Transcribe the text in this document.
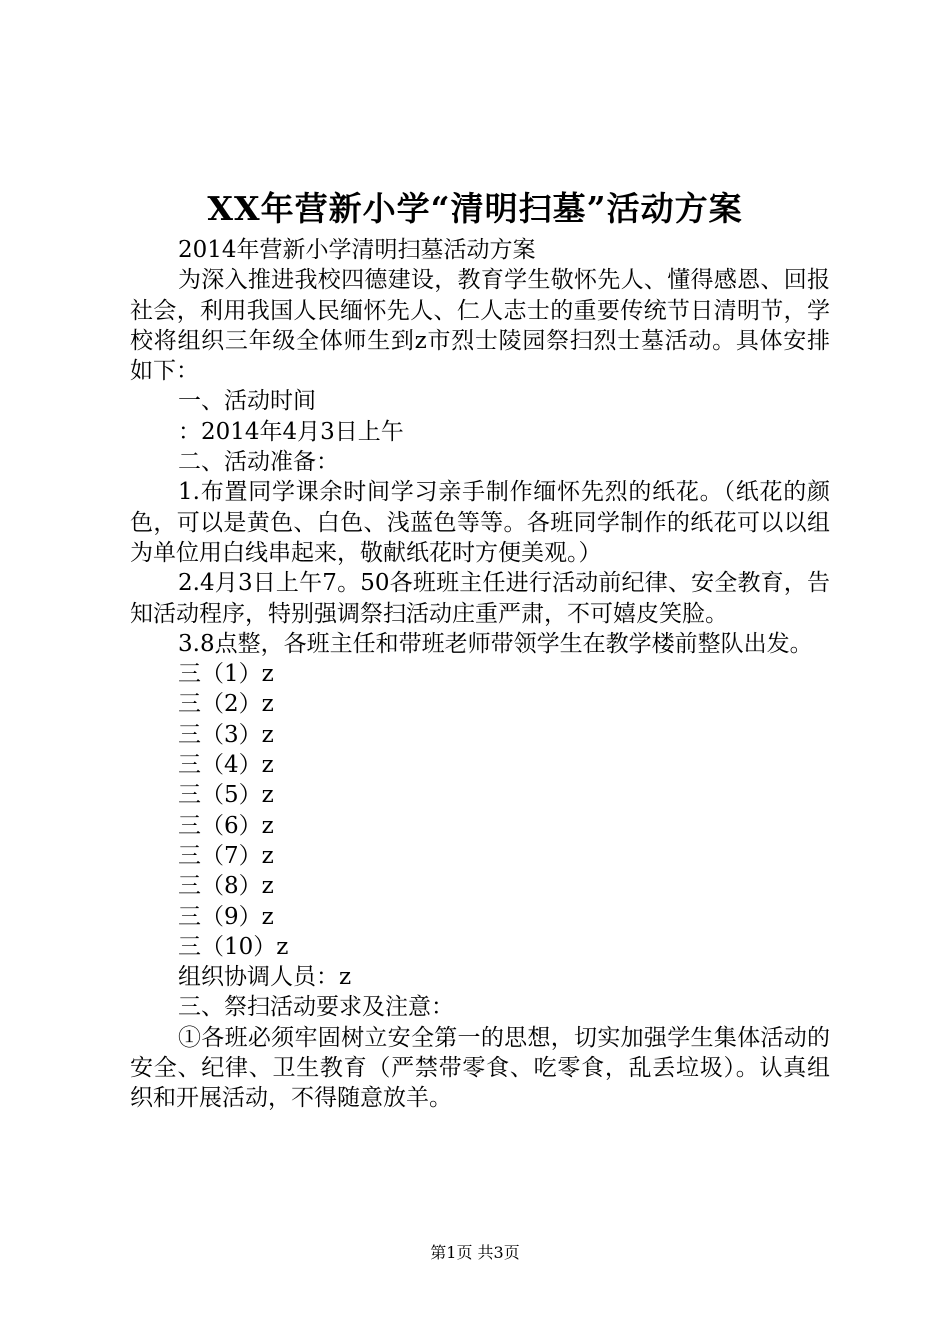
XX年营新小学“清明扫墓”活动方案

2014年营新小学清明扫墓活动方案

为深入推进我校四德建设，教育学生敬怀先人、懂得感恩、回报社会，利用我国人民缅怀先人、仁人志士的重要传统节日清明节，学校将组织三年级全体师生到z市烈士陵园祭扫烈士墓活动。具体安排如下：

一、活动时间

：2014年4月3日上午

二、活动准备：

1.布置同学课余时间学习亲手制作缅怀先烈的纸花。（纸花的颜色，可以是黄色、白色、浅蓝色等等。各班同学制作的纸花可以以组为单位用白线串起来，敬献纸花时方便美观。）

2.4月3日上午7。50各班班主任进行活动前纪律、安全教育，告知活动程序，特别强调祭扫活动庄重严肃，不可嬉皮笑脸。

3.8点整，各班主任和带班老师带领学生在教学楼前整队出发。

三（1）z

三（2）z

三（3）z

三（4）z

三（5）z

三（6）z

三（7）z

三（8）z

三（9）z

三（10）z

组织协调人员：z

三、祭扫活动要求及注意：

①各班必须牢固树立安全第一的思想，切实加强学生集体活动的安全、纪律、卫生教育（严禁带零食、吃零食，乱丢垃圾）。认真组织和开展活动，不得随意放羊。

第1页 共3页
